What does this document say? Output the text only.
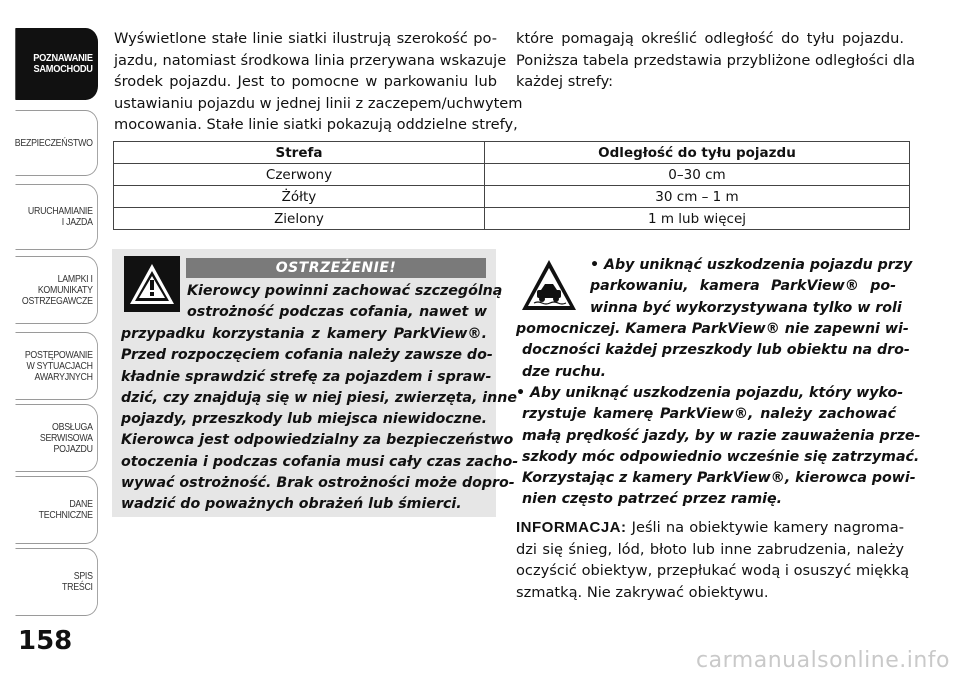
POZNAWANIE
SAMOCHODU
BEZPIECZEŃSTWO
URUCHAMIANIE
I JAZDA
LAMPKI I
KOMUNIKATY
OSTRZEGAWCZE
POSTĘPOWANIE
W SYTUACJACH
AWARYJNYCH
OBSŁUGA
SERWISOWA
POJAZDU
DANE
TECHNICZNE
SPIS
TREŚCI
158
Wyświetlone stałe linie siatki ilustrują szerokość po-
jazdu, natomiast środkowa linia przerywana wskazuje
środek pojazdu. Jest to pomocne w parkowaniu lub
ustawianiu pojazdu w jednej linii z zaczepem/uchwytem
mocowania. Stałe linie siatki pokazują oddzielne strefy,
które pomagają określić odległość do tyłu pojazdu.
Poniższa tabela przedstawia przybliżone odległości dla
każdej strefy:
Strefa	Odległość do tyłu pojazdu
Czerwony	0–30 cm
Żółty	30 cm – 1 m
Zielony	1 m lub więcej
OSTRZEŻENIE!
Kierowcy powinni zachować szczególną
ostrożność podczas cofania, nawet w
przypadku korzystania z kamery ParkView®.
Przed rozpoczęciem cofania należy zawsze do-
kładnie sprawdzić strefę za pojazdem i spraw-
dzić, czy znajdują się w niej piesi, zwierzęta, inne
pojazdy, przeszkody lub miejsca niewidoczne.
Kierowca jest odpowiedzialny za bezpieczeństwo
otoczenia i podczas cofania musi cały czas zacho-
wywać ostrożność. Brak ostrożności może dopro-
wadzić do poważnych obrażeń lub śmierci.
• Aby uniknąć uszkodzenia pojazdu przy
parkowaniu, kamera ParkView® po-
winna być wykorzystywana tylko w roli
pomocniczej. Kamera ParkView® nie zapewni wi-
doczności każdej przeszkody lub obiektu na dro-
dze ruchu.
• Aby uniknąć uszkodzenia pojazdu, który wyko-
rzystuje kamerę ParkView®, należy zachować
małą prędkość jazdy, by w razie zauważenia prze-
szkody móc odpowiednio wcześnie się zatrzymać.
Korzystając z kamery ParkView®, kierowca powi-
nien często patrzeć przez ramię.
INFORMACJA: Jeśli na obiektywie kamery nagroma-
dzi się śnieg, lód, błoto lub inne zabrudzenia, należy
oczyścić obiektyw, przepłukać wodą i osuszyć miękką
szmatką. Nie zakrywać obiektywu.
carmanualsonline.info
